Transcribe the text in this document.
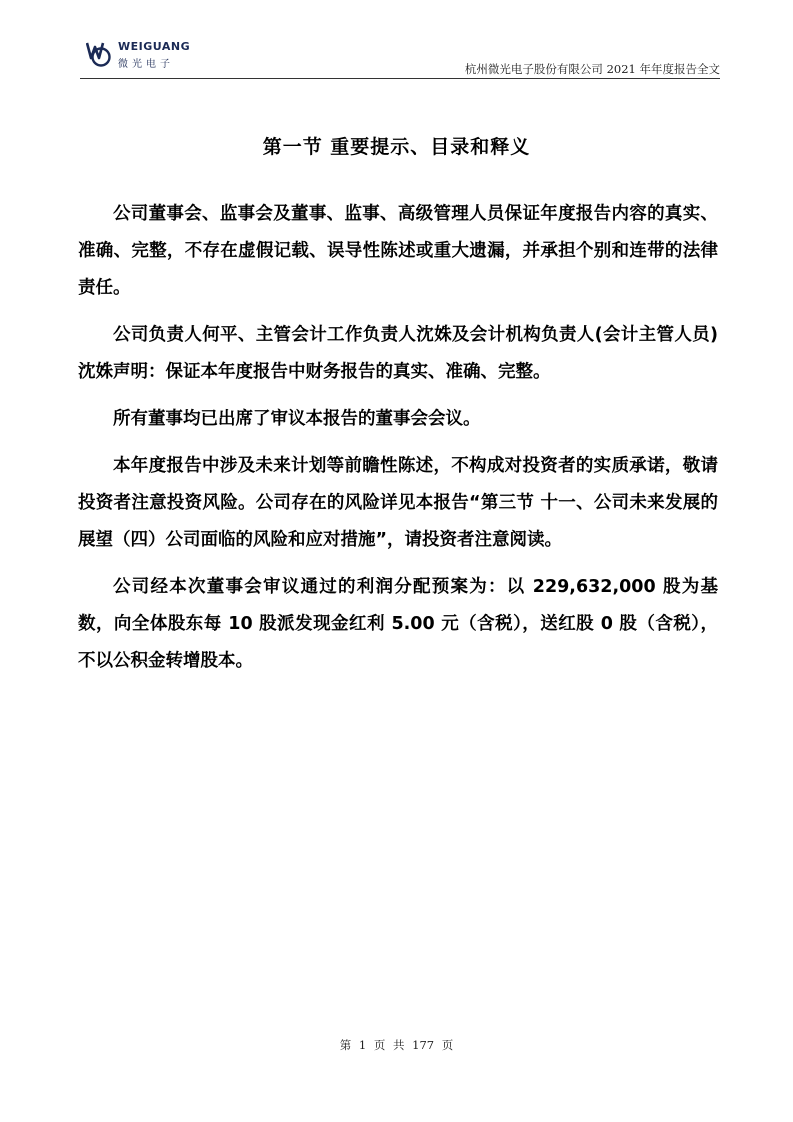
WEIGUANG
微光电子	杭州微光电子股份有限公司 2021 年年度报告全文
第一节 重要提示、目录和释义

公司董事会、监事会及董事、监事、高级管理人员保证年度报告内容的真实、准确、完整，不存在虚假记载、误导性陈述或重大遗漏，并承担个别和连带的法律责任。

公司负责人何平、主管会计工作负责人沈姝及会计机构负责人(会计主管人员)沈姝声明：保证本年度报告中财务报告的真实、准确、完整。

所有董事均已出席了审议本报告的董事会会议。

本年度报告中涉及未来计划等前瞻性陈述，不构成对投资者的实质承诺，敬请投资者注意投资风险。公司存在的风险详见本报告“第三节 十一、公司未来发展的展望（四）公司面临的风险和应对措施”，请投资者注意阅读。

公司经本次董事会审议通过的利润分配预案为：以 229,632,000 股为基数，向全体股东每 10 股派发现金红利 5.00 元（含税），送红股 0 股（含税），不以公积金转增股本。

第 1 页 共 177 页
